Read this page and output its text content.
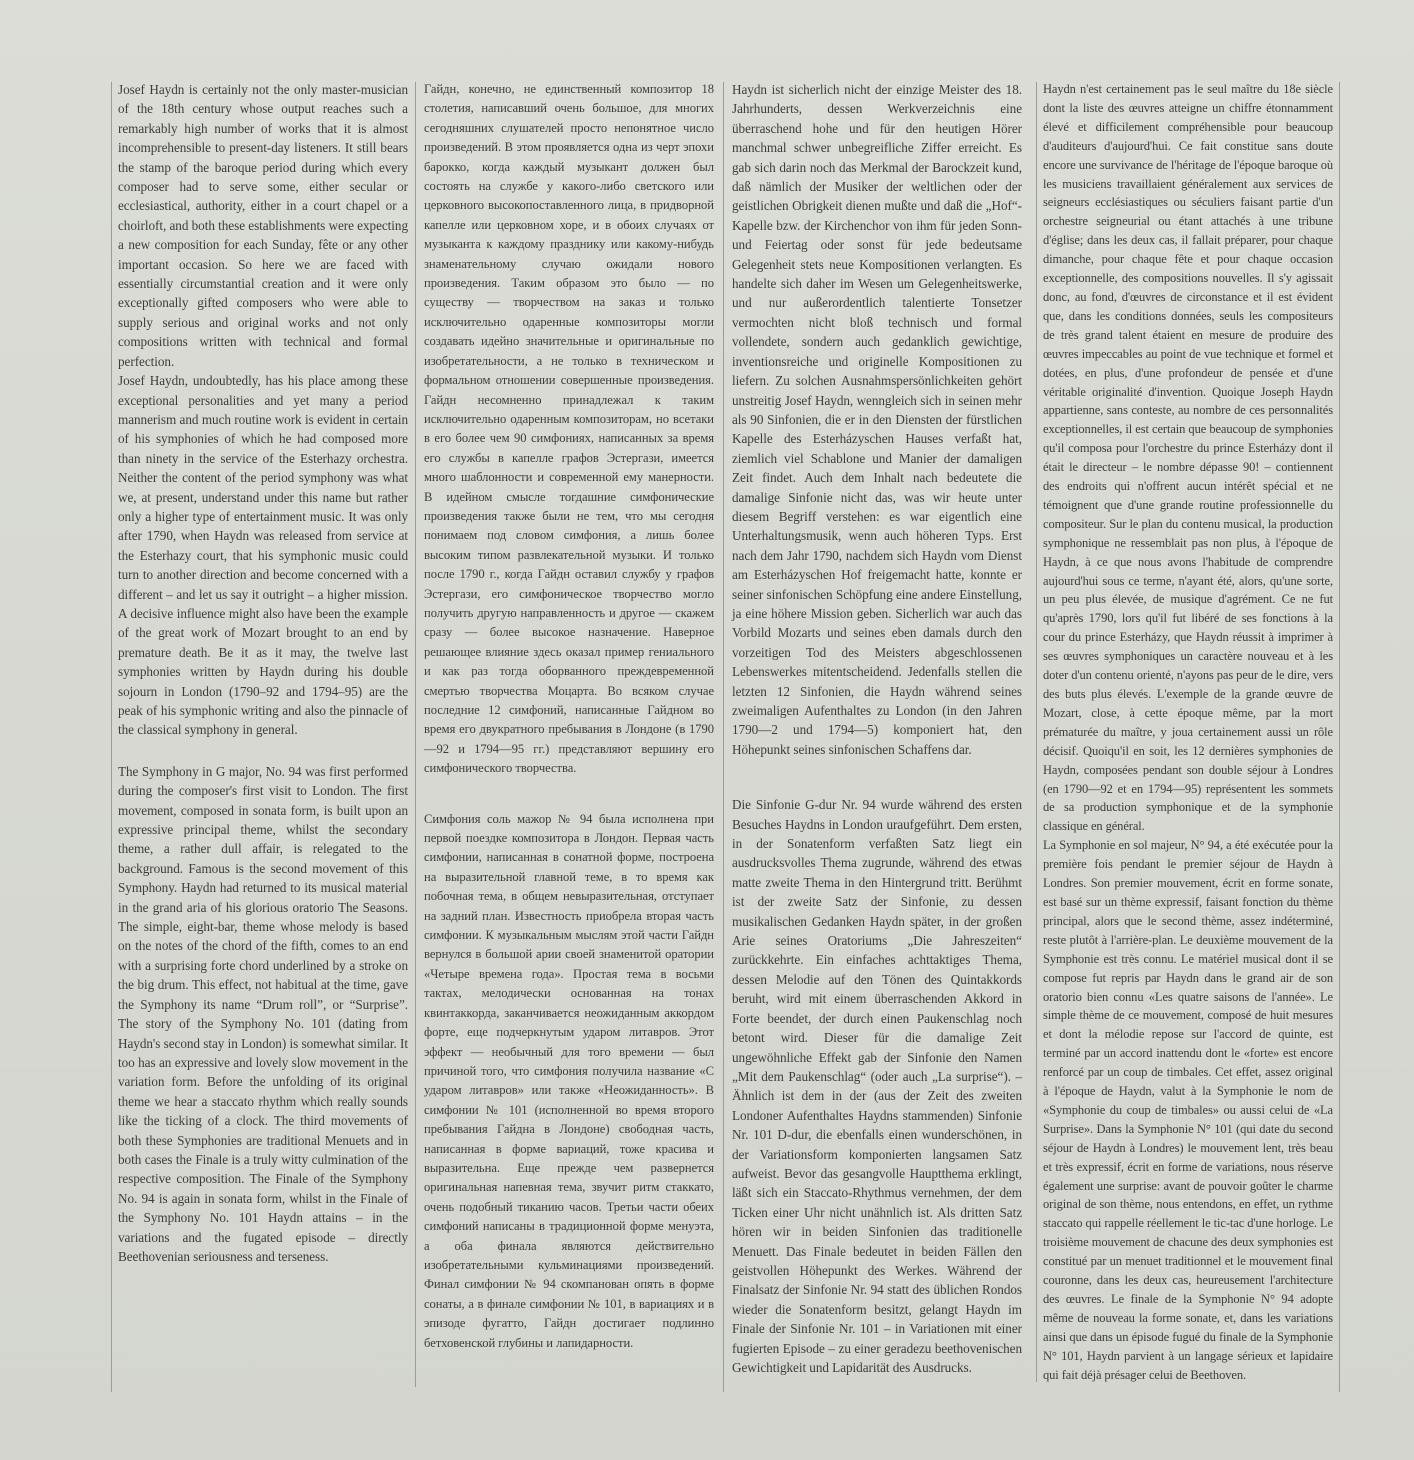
Josef Haydn is certainly not the only master-musician of the 18th century whose output reaches such a remarkably high number of works that it is almost incomprehensible to present-day listeners. It still bears the stamp of the baroque period during which every composer had to serve some, either secular or ecclesiastical, authority, either in a court chapel or a choirloft, and both these establishments were expecting a new composition for each Sunday, fête or any other important occasion. So here we are faced with essentially circumstantial creation and it were only exceptionally gifted composers who were able to supply serious and original works and not only compositions written with technical and formal perfection.

Josef Haydn, undoubtedly, has his place among these exceptional personalities and yet many a period mannerism and much routine work is evident in certain of his symphonies of which he had composed more than ninety in the service of the Esterhazy orchestra. Neither the content of the period symphony was what we, at present, understand under this name but rather only a higher type of entertainment music. It was only after 1790, when Haydn was released from service at the Esterhazy court, that his symphonic music could turn to another direction and become concerned with a different – and let us say it outright – a higher mission. A decisive influence might also have been the example of the great work of Mozart brought to an end by premature death. Be it as it may, the twelve last symphonies written by Haydn during his double sojourn in London (1790–92 and 1794–95) are the peak of his symphonic writing and also the pinnacle of the classical symphony in general.

The Symphony in G major, No. 94 was first performed during the composer's first visit to London. The first movement, composed in sonata form, is built upon an expressive principal theme, whilst the secondary theme, a rather dull affair, is relegated to the background. Famous is the second movement of this Symphony. Haydn had returned to its musical material in the grand aria of his glorious oratorio The Seasons. The simple, eight-bar, theme whose melody is based on the notes of the chord of the fifth, comes to an end with a surprising forte chord underlined by a stroke on the big drum. This effect, not habitual at the time, gave the Symphony its name “Drum roll”, or “Surprise”. The story of the Symphony No. 101 (dating from Haydn's second stay in London) is somewhat similar. It too has an expressive and lovely slow movement in the variation form. Before the unfolding of its original theme we hear a staccato rhythm which really sounds like the ticking of a clock. The third movements of both these Symphonies are traditional Menuets and in both cases the Finale is a truly witty culmination of the respective composition. The Finale of the Symphony No. 94 is again in sonata form, whilst in the Finale of the Symphony No. 101 Haydn attains – in the variations and the fugated episode – directly Beethovenian seriousness and terseness.

Гайдн, конечно, не единственный композитор 18 столетия, написавший очень большое, для многих сегодняшних слушателей просто непонятное число произведений. В этом проявляется одна из черт эпохи барокко, когда каждый музыкант должен был состоять на службе у какого-либо светского или церковного высокопоставленного лица, в придворной капелле или церковном хоре, и в обоих случаях от музыканта к каждому празднику или какому-нибудь знаменательному случаю ожидали нового произведения. Таким образом это было — по существу — творчеством на заказ и только исключительно одаренные композиторы могли создавать идейно значительные и оригинальные по изобретательности, а не только в техническом и формальном отношении совершенные произведения. Гайдн несомненно принадлежал к таким исключительно одаренным композиторам, но всетаки в его более чем 90 симфониях, написанных за время его службы в капелле графов Эстергази, имеется много шаблонности и современной ему манерности. В идейном смысле тогдашние симфонические произведения также были не тем, что мы сегодня понимаем под словом симфония, а лишь более высоким типом развлекательной музыки. И только после 1790 г., когда Гайдн оставил службу у графов Эстергази, его симфоническое творчество могло получить другую направленность и другое — скажем сразу — более высокое назначение. Наверное решающее влияние здесь оказал пример гениального и как раз тогда оборванного преждевременной смертью творчества Моцарта. Во всяком случае последние 12 симфоний, написанные Гайдном во время его двукратного пребывания в Лондоне (в 1790—92 и 1794—95 гг.) представляют вершину его симфонического творчества.

Симфония соль мажор № 94 была исполнена при первой поездке композитора в Лондон. Первая часть симфонии, написанная в сонатной форме, построена на выразительной главной теме, в то время как побочная тема, в общем невыразительная, отступает на задний план. Известность приобрела вторая часть симфонии. К музыкальным мыслям этой части Гайдн вернулся в большой арии своей знаменитой оратории «Четыре времена года». Простая тема в восьми тактах, мелодически основанная на тонах квинтаккорда, заканчивается неожиданным аккордом форте, еще подчеркнутым ударом литавров. Этот эффект — необычный для того времени — был причиной того, что симфония получила название «С ударом литавров» или также «Неожиданность». В симфонии № 101 (исполненной во время второго пребывания Гайдна в Лондоне) свободная часть, написанная в форме вариаций, тоже красива и выразительна. Еще прежде чем развернется оригинальная напевная тема, звучит ритм стаккато, очень подобный тиканию часов. Третьи части обеих симфоний написаны в традиционной форме менуэта, а оба финала являются действительно изобретательными кульминациями произведений. Финал симфонии № 94 скомпанован опять в форме сонаты, а в финале симфонии № 101, в вариациях и в эпизоде фугатто, Гайдн достигает подлинно бетховенской глубины и лапидарности.

Haydn ist sicherlich nicht der einzige Meister des 18. Jahrhunderts, dessen Werkverzeichnis eine überraschend hohe und für den heutigen Hörer manchmal schwer unbegreifliche Ziffer erreicht. Es gab sich darin noch das Merkmal der Barockzeit kund, daß nämlich der Musiker der weltlichen oder der geistlichen Obrigkeit dienen mußte und daß die „Hof“-Kapelle bzw. der Kirchenchor von ihm für jeden Sonn- und Feiertag oder sonst für jede bedeutsame Gelegenheit stets neue Kompositionen verlangten. Es handelte sich daher im Wesen um Gelegenheitswerke, und nur außerordentlich talentierte Tonsetzer vermochten nicht bloß technisch und formal vollendete, sondern auch gedanklich gewichtige, inventionsreiche und originelle Kompositionen zu liefern. Zu solchen Ausnahmspersönlichkeiten gehört unstreitig Josef Haydn, wenngleich sich in seinen mehr als 90 Sinfonien, die er in den Diensten der fürstlichen Kapelle des Esterházyschen Hauses verfaßt hat, ziemlich viel Schablone und Manier der damaligen Zeit findet. Auch dem Inhalt nach bedeutete die damalige Sinfonie nicht das, was wir heute unter diesem Begriff verstehen: es war eigentlich eine Unterhaltungsmusik, wenn auch höheren Typs. Erst nach dem Jahr 1790, nachdem sich Haydn vom Dienst am Esterházyschen Hof freigemacht hatte, konnte er seiner sinfonischen Schöpfung eine andere Einstellung, ja eine höhere Mission geben. Sicherlich war auch das Vorbild Mozarts und seines eben damals durch den vorzeitigen Tod des Meisters abgeschlossenen Lebenswerkes mitentscheidend. Jedenfalls stellen die letzten 12 Sinfonien, die Haydn während seines zweimaligen Aufenthaltes zu London (in den Jahren 1790—2 und 1794—5) komponiert hat, den Höhepunkt seines sinfonischen Schaffens dar.

Die Sinfonie G-dur Nr. 94 wurde während des ersten Besuches Haydns in London uraufgeführt. Dem ersten, in der Sonatenform verfaßten Satz liegt ein ausdrucksvolles Thema zugrunde, während des etwas matte zweite Thema in den Hintergrund tritt. Berühmt ist der zweite Satz der Sinfonie, zu dessen musikalischen Gedanken Haydn später, in der großen Arie seines Oratoriums „Die Jahreszeiten“ zurückkehrte. Ein einfaches achttaktiges Thema, dessen Melodie auf den Tönen des Quintakkords beruht, wird mit einem überraschenden Akkord in Forte beendet, der durch einen Paukenschlag noch betont wird. Dieser für die damalige Zeit ungewöhnliche Effekt gab der Sinfonie den Namen „Mit dem Paukenschlag“ (oder auch „La surprise“). – Ähnlich ist dem in der (aus der Zeit des zweiten Londoner Aufenthaltes Haydns stammenden) Sinfonie Nr. 101 D-dur, die ebenfalls einen wunderschönen, in der Variationsform komponierten langsamen Satz aufweist. Bevor das gesangvolle Hauptthema erklingt, läßt sich ein Staccato-Rhythmus vernehmen, der dem Ticken einer Uhr nicht unähnlich ist. Als dritten Satz hören wir in beiden Sinfonien das traditionelle Menuett. Das Finale bedeutet in beiden Fällen den geistvollen Höhepunkt des Werkes. Während der Finalsatz der Sinfonie Nr. 94 statt des üblichen Rondos wieder die Sonatenform besitzt, gelangt Haydn im Finale der Sinfonie Nr. 101 – in Variationen mit einer fugierten Episode – zu einer geradezu beethovenischen Gewichtigkeit und Lapidarität des Ausdrucks.

Haydn n'est certainement pas le seul maître du 18e siècle dont la liste des œuvres atteigne un chiffre étonnamment élevé et difficilement compréhensible pour beaucoup d'auditeurs d'aujourd'hui. Ce fait constitue sans doute encore une survivance de l'héritage de l'époque baroque où les musiciens travaillaient généralement aux services de seigneurs ecclésiastiques ou séculiers faisant partie d'un orchestre seigneurial ou étant attachés à une tribune d'église; dans les deux cas, il fallait préparer, pour chaque dimanche, pour chaque fête et pour chaque occasion exceptionnelle, des compositions nouvelles. Il s'y agissait donc, au fond, d'œuvres de circonstance et il est évident que, dans les conditions données, seuls les compositeurs de très grand talent étaient en mesure de produire des œuvres impeccables au point de vue technique et formel et dotées, en plus, d'une profondeur de pensée et d'une véritable originalité d'invention. Quoique Joseph Haydn appartienne, sans conteste, au nombre de ces personnalités exceptionnelles, il est certain que beaucoup de symphonies qu'il composa pour l'orchestre du prince Esterházy dont il était le directeur – le nombre dépasse 90! – contiennent des endroits qui n'offrent aucun intérêt spécial et ne témoignent que d'une grande routine professionnelle du compositeur. Sur le plan du contenu musical, la production symphonique ne ressemblait pas non plus, à l'époque de Haydn, à ce que nous avons l'habitude de comprendre aujourd'hui sous ce terme, n'ayant été, alors, qu'une sorte, un peu plus élevée, de musique d'agrément. Ce ne fut qu'après 1790, lors qu'il fut libéré de ses fonctions à la cour du prince Esterházy, que Haydn réussit à imprimer à ses œuvres symphoniques un caractère nouveau et à les doter d'un contenu orienté, n'ayons pas peur de le dire, vers des buts plus élevés. L'exemple de la grande œuvre de Mozart, close, à cette époque même, par la mort prématurée du maître, y joua certainement aussi un rôle décisif. Quoiqu'il en soit, les 12 dernières symphonies de Haydn, composées pendant son double séjour à Londres (en 1790—92 et en 1794—95) représentent les sommets de sa production symphonique et de la symphonie classique en général.

La Symphonie en sol majeur, N° 94, a été exécutée pour la première fois pendant le premier séjour de Haydn à Londres. Son premier mouvement, écrit en forme sonate, est basé sur un thème expressif, faisant fonction du thème principal, alors que le second thème, assez indéterminé, reste plutôt à l'arrière-plan. Le deuxième mouvement de la Symphonie est très connu. Le matériel musical dont il se compose fut repris par Haydn dans le grand air de son oratorio bien connu «Les quatre saisons de l'année». Le simple thème de ce mouvement, composé de huit mesures et dont la mélodie repose sur l'accord de quinte, est terminé par un accord inattendu dont le «forte» est encore renforcé par un coup de timbales. Cet effet, assez original à l'époque de Haydn, valut à la Symphonie le nom de «Symphonie du coup de timbales» ou aussi celui de «La Surprise». Dans la Symphonie N° 101 (qui date du second séjour de Haydn à Londres) le mouvement lent, très beau et très expressif, écrit en forme de variations, nous réserve également une surprise: avant de pouvoir goûter le charme original de son thème, nous entendons, en effet, un rythme staccato qui rappelle réellement le tic-tac d'une horloge. Le troisième mouvement de chacune des deux symphonies est constitué par un menuet traditionnel et le mouvement final couronne, dans les deux cas, heureusement l'architecture des œuvres. Le finale de la Symphonie N° 94 adopte même de nouveau la forme sonate, et, dans les variations ainsi que dans un épisode fugué du finale de la Symphonie N° 101, Haydn parvient à un langage sérieux et lapidaire qui fait déjà présager celui de Beethoven.
